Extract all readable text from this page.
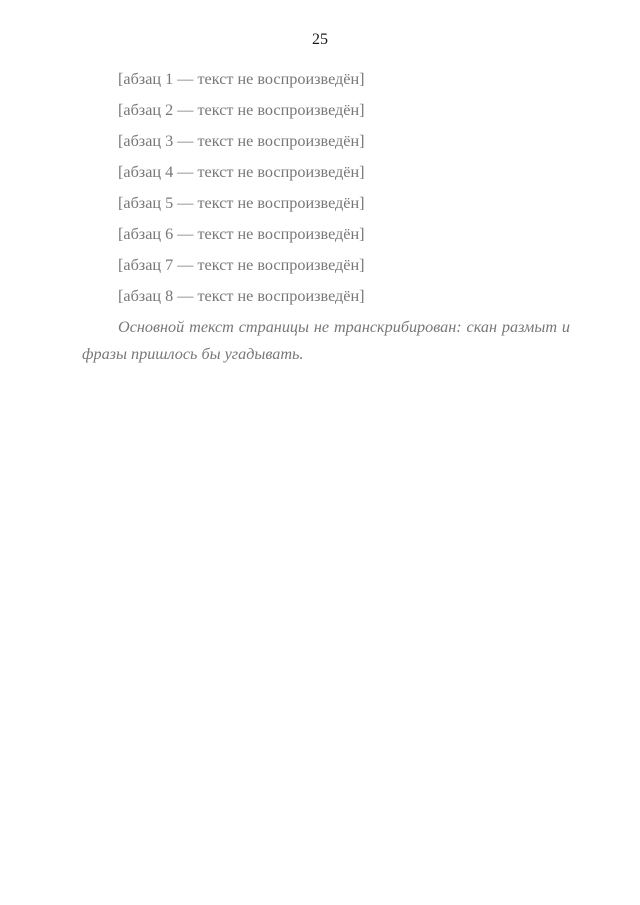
25

[абзац 1 — текст не воспроизведён]

[абзац 2 — текст не воспроизведён]

[абзац 3 — текст не воспроизведён]

[абзац 4 — текст не воспроизведён]

[абзац 5 — текст не воспроизведён]

[абзац 6 — текст не воспроизведён]

[абзац 7 — текст не воспроизведён]

[абзац 8 — текст не воспроизведён]

Основной текст страницы не транскрибирован: скан размыт и фразы пришлось бы угадывать.
